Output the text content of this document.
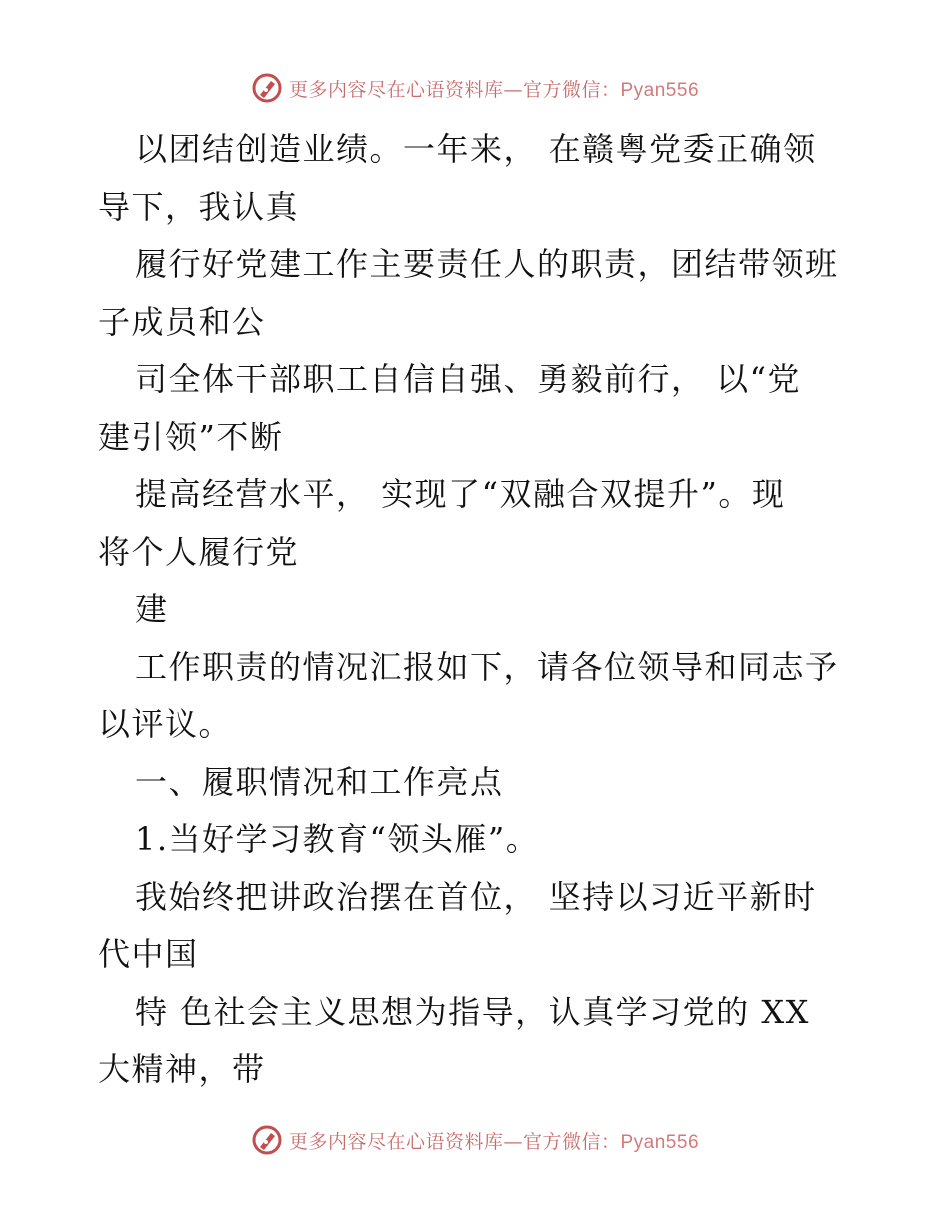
更多内容尽在心语资料库—官方微信：Pyan556
以团结创造业绩。一年来， 在赣粤党委正确领
导下，我认真
履行好党建工作主要责任人的职责，团结带领班
子成员和公
司全体干部职工自信自强、勇毅前行， 以“党
建引领”不断
提高经营水平， 实现了“双融合双提升”。现
将个人履行党
建
工作职责的情况汇报如下，请各位领导和同志予
以评议。
一、履职情况和工作亮点
1.当好学习教育“领头雁”。
我始终把讲政治摆在首位， 坚持以习近平新时
代中国
特 色社会主义思想为指导，认真学习党的 XX
大精神，带
更多内容尽在心语资料库—官方微信：Pyan556
